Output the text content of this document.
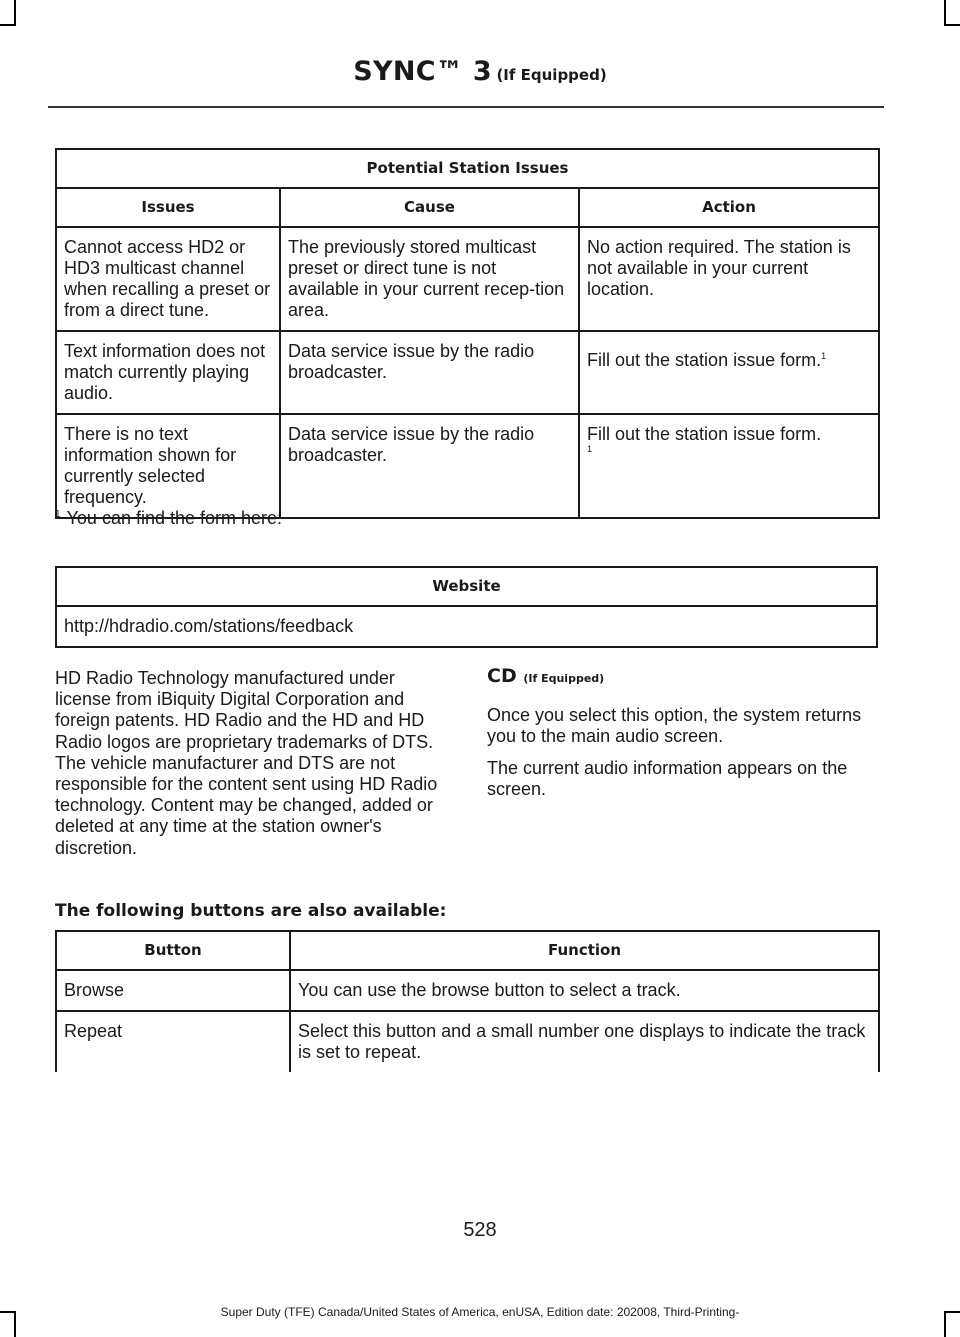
SYNC™ 3 (If Equipped)
Potential Station Issues		
Issues	Cause	Action
Cannot access HD2 or HD3 multicast channel when recalling a preset or from a direct tune.	The previously stored multicast preset or direct tune is not available in your current recep-tion area.	No action required. The station is not available in your current location.
Text information does not match currently playing audio.	Data service issue by the radio broadcaster.	Fill out the station issue form.$^1$
There is no text information shown for currently selected frequency.	Data service issue by the radio broadcaster.	Fill out the station issue form.
1
$^1$ You can find the form here:
Website
http://hdradio.com/stations/feedback
HD Radio Technology manufactured under license from iBiquity Digital Corporation and foreign patents. HD Radio and the HD and HD Radio logos are proprietary trademarks of DTS. The vehicle manufacturer and DTS are not responsible for the content sent using HD Radio technology. Content may be changed, added or deleted at any time at the station owner's discretion.
CD (If Equipped)

Once you select this option, the system returns you to the main audio screen.

The current audio information appears on the screen.

The following buttons are also available:
Button	Function
Browse	You can use the browse button to select a track.
Repeat	Select this button and a small number one displays to indicate the track is set to repeat.
528
Super Duty (TFE) Canada/United States of America, enUSA, Edition date: 202008, Third-Printing-
